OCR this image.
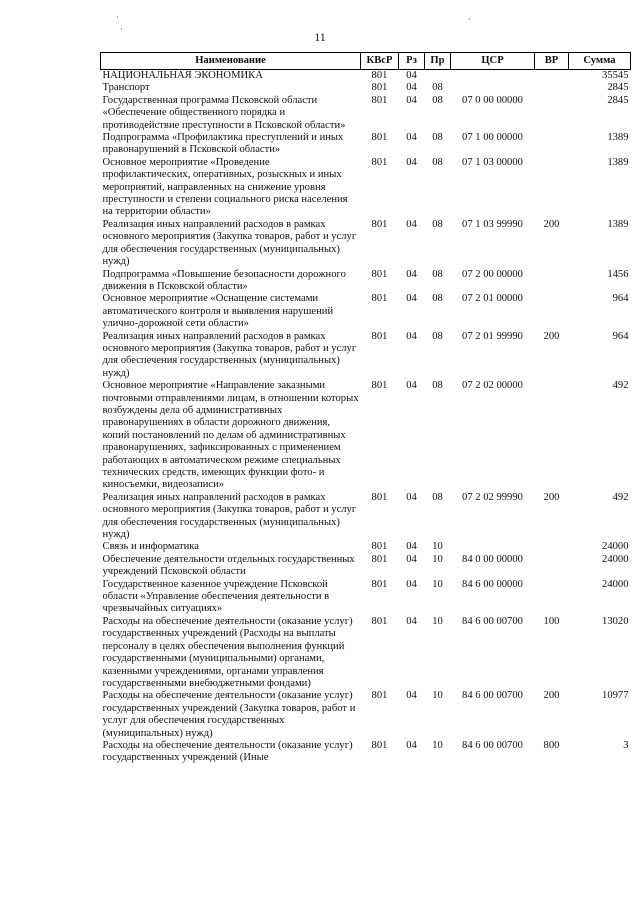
11
·
·
·
Наименование	КВсР	Рз	Пр	ЦСР	ВР	Сумма
НАЦИОНАЛЬНАЯ ЭКОНОМИКА	801	04				35545
Транспорт	801	04	08			2845
Государственная программа Псковской области «Обеспечение общественного порядка и противодействие преступности в Псковской области»	801	04	08	07 0 00 00000		2845
Подпрограмма «Профилактика преступлений и иных правонарушений в Псковской области»	801	04	08	07 1 00 00000		1389
Основное мероприятие «Проведение профилактических, оперативных, розыскных и иных мероприятий, направленных на снижение уровня преступности и степени социального риска населения на территории области»	801	04	08	07 1 03 00000		1389
Реализация иных направлений расходов в рамках основного мероприятия (Закупка товаров, работ и услуг для обеспечения государственных (муниципальных) нужд)	801	04	08	07 1 03 99990	200	1389
Подпрограмма «Повышение безопасности дорожного движения в Псковской области»	801	04	08	07 2 00 00000		1456
Основное мероприятие «Оснащение системами автоматического контроля и выявления нарушений улично-дорожной сети области»	801	04	08	07 2 01 00000		964
Реализация иных направлений расходов в рамках основного мероприятия (Закупка товаров, работ и услуг для обеспечения государственных (муниципальных) нужд)	801	04	08	07 2 01 99990	200	964
Основное мероприятие «Направление заказными почтовыми отправлениями лицам, в отношении которых возбуждены дела об административных правонарушениях в области дорожного движения, копий постановлений по делам об административных правонарушениях, зафиксированных с применением работающих в автоматическом режиме специальных технических средств, имеющих функции фото- и киносъемки, видеозаписи»	801	04	08	07 2 02 00000		492
Реализация иных направлений расходов в рамках основного мероприятия (Закупка товаров, работ и услуг для обеспечения государственных (муниципальных) нужд)	801	04	08	07 2 02 99990	200	492
Связь и информатика	801	04	10			24000
Обеспечение деятельности отдельных государственных учреждений Псковской области	801	04	10	84 0 00 00000		24000
Государственное казенное учреждение Псковской области «Управление обеспечения деятельности в чрезвычайных ситуациях»	801	04	10	84 6 00 00000		24000
Расходы на обеспечение деятельности (оказание услуг) государственных учреждений (Расходы на выплаты персоналу в целях обеспечения выполнения функций государственными (муниципальными) органами, казенными учреждениями, органами управления государственными внебюджетными фондами)	801	04	10	84 6 00 00700	100	13020
Расходы на обеспечение деятельности (оказание услуг) государственных учреждений (Закупка товаров, работ и услуг для обеспечения государственных (муниципальных) нужд)	801	04	10	84 6 00 00700	200	10977
Расходы на обеспечение деятельности (оказание услуг) государственных учреждений (Иные	801	04	10	84 6 00 00700	800	3
